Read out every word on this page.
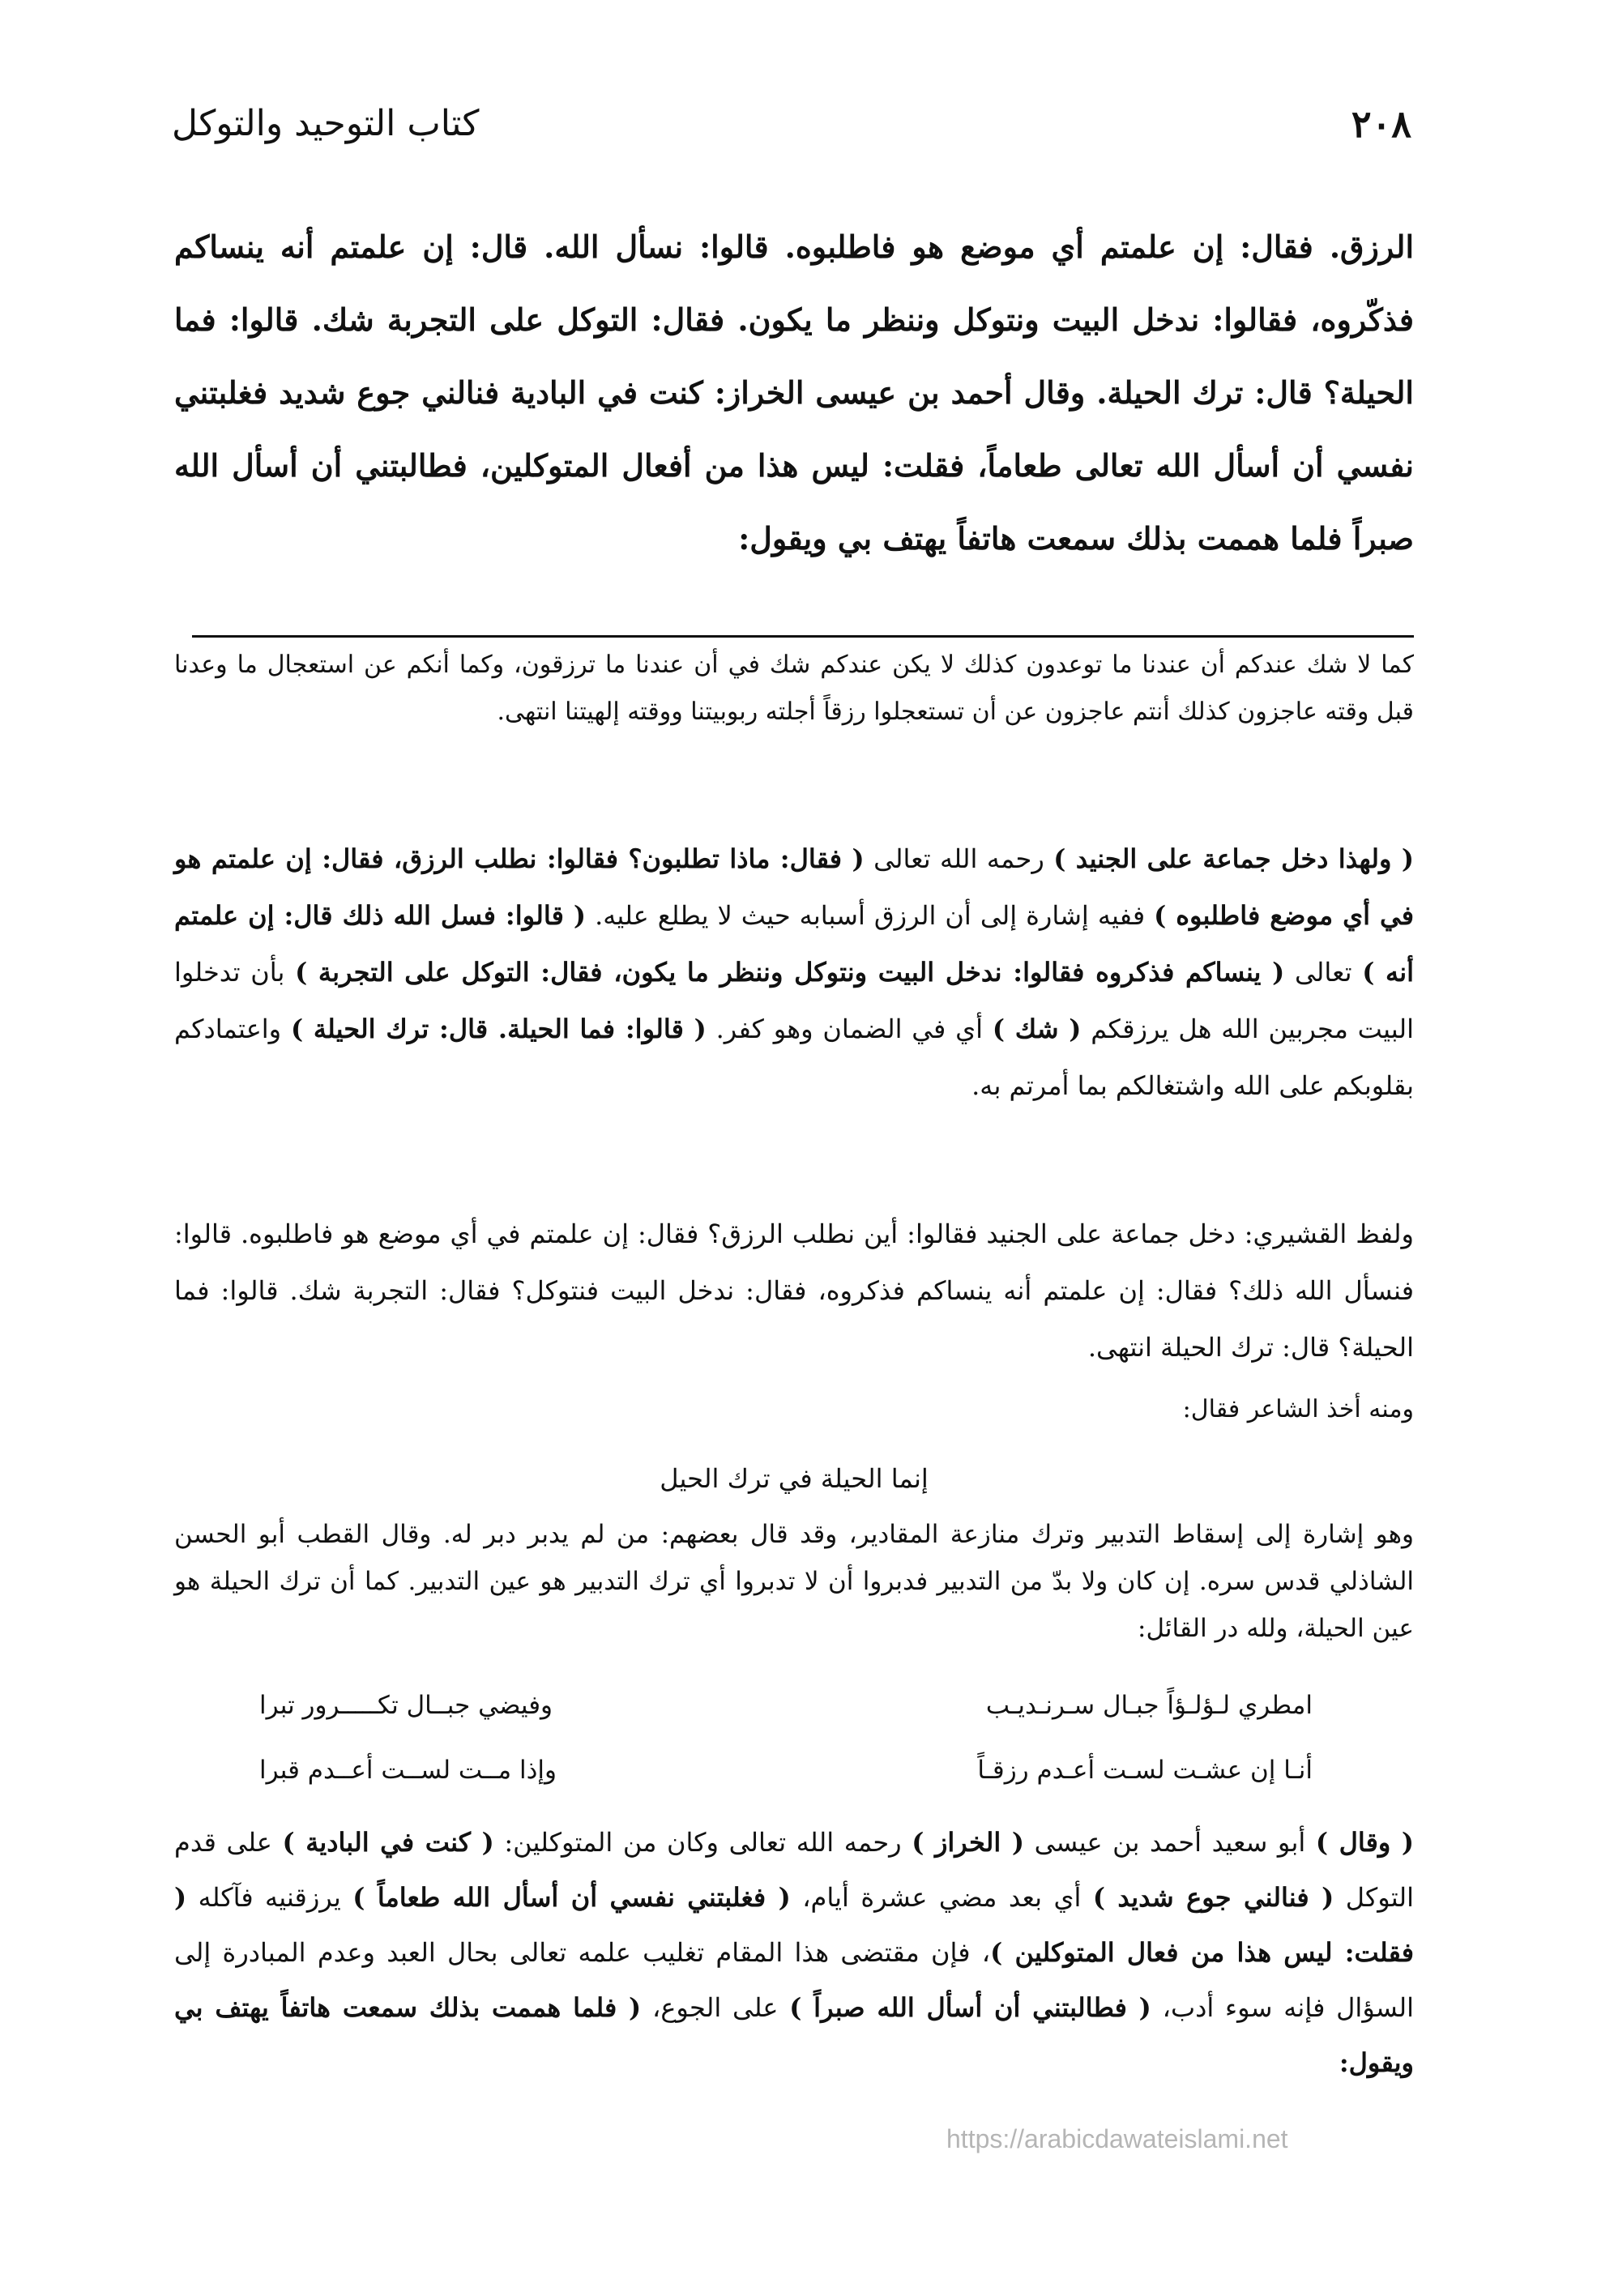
٢٠٨
كتاب التوحيد والتوكل
الرزق. فقال: إن علمتم أي موضع هو فاطلبوه. قالوا: نسأل الله. قال: إن علمتم أنه ينساكم فذكّروه، فقالوا: ندخل البيت ونتوكل وننظر ما يكون. فقال: التوكل على التجربة شك. قالوا: فما الحيلة؟ قال: ترك الحيلة. وقال أحمد بن عيسى الخراز: كنت في البادية فنالني جوع شديد فغلبتني نفسي أن أسأل الله تعالى طعاماً، فقلت: ليس هذا من أفعال المتوكلين، فطالبتني أن أسأل الله صبراً فلما هممت بذلك سمعت هاتفاً يهتف بي ويقول:
كما لا شك عندكم أن عندنا ما توعدون كذلك لا يكن عندكم شك في أن عندنا ما ترزقون، وكما أنكم عن استعجال ما وعدنا قبل وقته عاجزون كذلك أنتم عاجزون عن أن تستعجلوا رزقاً أجلته ربوبيتنا ووقته إلهيتنا انتهى.
( ولهذا دخل جماعة على الجنيد ) رحمه الله تعالى ( فقال: ماذا تطلبون؟ فقالوا: نطلب الرزق، فقال: إن علمتم هو في أي موضع فاطلبوه ) ففيه إشارة إلى أن الرزق أسبابه حيث لا يطلع عليه. ( قالوا: فسل الله ذلك قال: إن علمتم أنه ) تعالى ( ينساكم فذكروه فقالوا: ندخل البيت ونتوكل وننظر ما يكون، فقال: التوكل على التجربة ) بأن تدخلوا البيت مجربين الله هل يرزقكم ( شك ) أي في الضمان وهو كفر. ( قالوا: فما الحيلة. قال: ترك الحيلة ) واعتمادكم بقلوبكم على الله واشتغالكم بما أمرتم به.
ولفظ القشيري: دخل جماعة على الجنيد فقالوا: أين نطلب الرزق؟ فقال: إن علمتم في أي موضع هو فاطلبوه. قالوا: فنسأل الله ذلك؟ فقال: إن علمتم أنه ينساكم فذكروه، فقال: ندخل البيت فنتوكل؟ فقال: التجربة شك. قالوا: فما الحيلة؟ قال: ترك الحيلة انتهى.
ومنه أخذ الشاعر فقال:
إنما الحيلة في ترك الحيل
وهو إشارة إلى إسقاط التدبير وترك منازعة المقادير، وقد قال بعضهم: من لم يدبر دبر له. وقال القطب أبو الحسن الشاذلي قدس سره. إن كان ولا بدّ من التدبير فدبروا أن لا تدبروا أي ترك التدبير هو عين التدبير. كما أن ترك الحيلة هو عين الحيلة، ولله در القائل:
امطري لـؤلـؤاً جبـال سـرنـديـب
وفيضي جبــال تكـــــرور تبرا
أنـا إن عشـت لسـت أعـدم رزقـاً
وإذا مــت لســت أعــدم قبرا
( وقال ) أبو سعيد أحمد بن عيسى ( الخراز ) رحمه الله تعالى وكان من المتوكلين: ( كنت في البادية ) على قدم التوكل ( فنالني جوع شديد ) أي بعد مضي عشرة أيام، ( فغلبتني نفسي أن أسأل الله طعاماً ) يرزقنيه فآكله ( فقلت: ليس هذا من فعال المتوكلين )، فإن مقتضى هذا المقام تغليب علمه تعالى بحال العبد وعدم المبادرة إلى السؤال فإنه سوء أدب، ( فطالبتني أن أسأل الله صبراً ) على الجوع، ( فلما هممت بذلك سمعت هاتفاً يهتف بي ويقول:
https://arabicdawateislami.net
